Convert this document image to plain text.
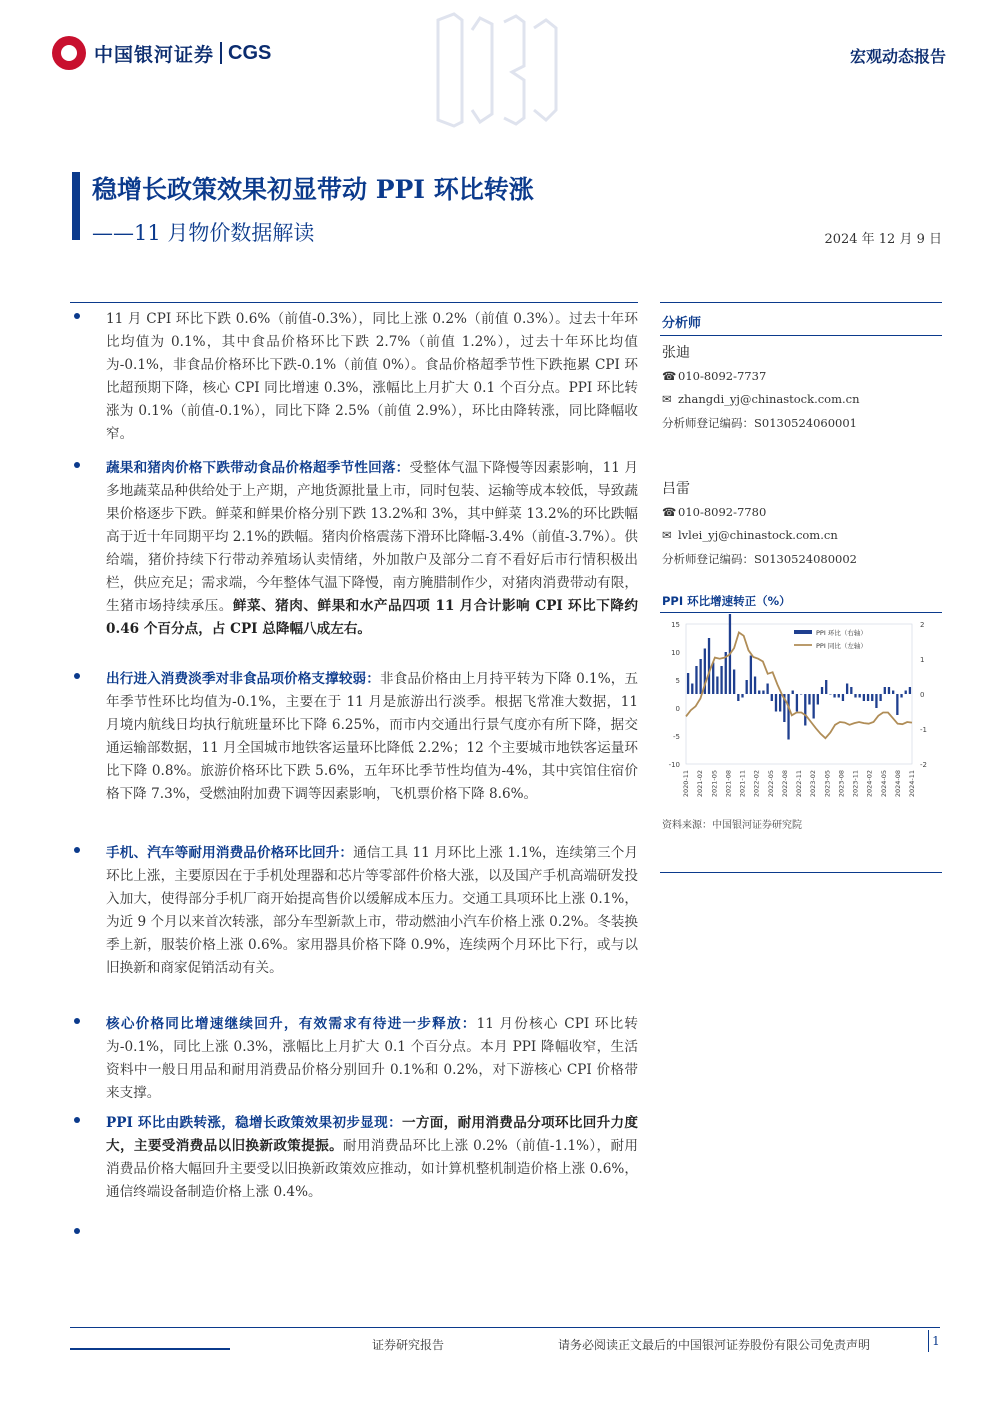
中国银河证券 CGS	宏观动态报告
稳增长政策效果初显带动 PPI 环比转涨
——11 月物价数据解读	2024 年 12 月 9 日
11 月 CPI 环比下跌 0.6%（前值-0.3%），同比上涨 0.2%（前值 0.3%）。过去十年环比均值为 0.1%，其中食品价格环比下跌 2.7%（前值 1.2%），过去十年环比均值为-0.1%，非食品价格环比下跌-0.1%（前值 0%）。食品价格超季节性下跌拖累 CPI 环比超预期下降，核心 CPI 同比增速 0.3%，涨幅比上月扩大 0.1 个百分点。PPI 环比转涨为 0.1%（前值-0.1%），同比下降 2.5%（前值 2.9%），环比由降转涨，同比降幅收窄。
蔬果和猪肉价格下跌带动食品价格超季节性回落：受整体气温下降慢等因素影响，11 月多地蔬菜品种供给处于上产期，产地货源批量上市，同时包装、运输等成本较低，导致蔬果价格逐步下跌。鲜菜和鲜果价格分别下跌 13.2%和 3%，其中鲜菜 13.2%的环比跌幅高于近十年同期平均 2.1%的跌幅。猪肉价格震荡下滑环比降幅-3.4%（前值-3.7%）。供给端，猪价持续下行带动养殖场认卖情绪，外加散户及部分二育不看好后市行情积极出栏，供应充足；需求端，今年整体气温下降慢，南方腌腊制作少，对猪肉消费带动有限，生猪市场持续承压。鲜菜、猪肉、鲜果和水产品四项 11 月合计影响 CPI 环比下降约 0.46 个百分点，占 CPI 总降幅八成左右。
出行进入消费淡季对非食品项价格支撑较弱：非食品价格由上月持平转为下降 0.1%，五年季节性环比均值为-0.1%，主要在于 11 月是旅游出行淡季。根据飞常准大数据，11 月境内航线日均执行航班量环比下降 6.25%，而市内交通出行景气度亦有所下降，据交通运输部数据，11 月全国城市地铁客运量环比降低 2.2%；12 个主要城市地铁客运量环比下降 0.8%。旅游价格环比下跌 5.6%，五年环比季节性均值为-4%，其中宾馆住宿价格下降 7.3%，受燃油附加费下调等因素影响，飞机票价格下降 8.6%。
手机、汽车等耐用消费品价格环比回升：通信工具 11 月环比上涨 1.1%，连续第三个月环比上涨，主要原因在于手机处理器和芯片等零部件价格大涨，以及国产手机高端研发投入加大，使得部分手机厂商开始提高售价以缓解成本压力。交通工具项环比上涨 0.1%，为近 9 个月以来首次转涨，部分车型新款上市，带动燃油小汽车价格上涨 0.2%。冬装换季上新，服装价格上涨 0.6%。家用器具价格下降 0.9%，连续两个月环比下行，或与以旧换新和商家促销活动有关。
核心价格同比增速继续回升，有效需求有待进一步释放：11 月份核心 CPI 环比转为-0.1%，同比上涨 0.3%，涨幅比上月扩大 0.1 个百分点。本月 PPI 降幅收窄，生活资料中一般日用品和耐用消费品价格分别回升 0.1%和 0.2%，对下游核心 CPI 价格带来支撑。
PPI 环比由跌转涨，稳增长政策效果初步显现：一方面，耐用消费品分项环比回升力度大，主要受消费品以旧换新政策提振。耐用消费品环比上涨 0.2%（前值-1.1%），耐用消费品价格大幅回升主要受以旧换新政策效应推动，如计算机整机制造价格上涨 0.6%，通信终端设备制造价格上涨 0.4%。
分析师
张迪
☎ 010-8092-7737
✉ zhangdi_yj@chinastock.com.cn
分析师登记编码：S0130524060001
吕雷
☎ 010-8092-7780
✉ lvlei_yj@chinastock.com.cn
分析师登记编码：S0130524080002
PPI 环比增速转正（%）
-10
-5
0
5
10
15
-2
-1
0
1
2
PPI 环比（右轴）
PPI 同比（左轴）
2020-11 2021-02 2021-05 2021-08 2021-11 2022-02 2022-05 2022-08 2022-11 2023-02 2023-05 2023-08 2023-11 2024-02 2024-05 2024-08 2024-11
资料来源：中国银河证券研究院
证券研究报告	请务必阅读正文最后的中国银河证券股份有限公司免责声明	1
